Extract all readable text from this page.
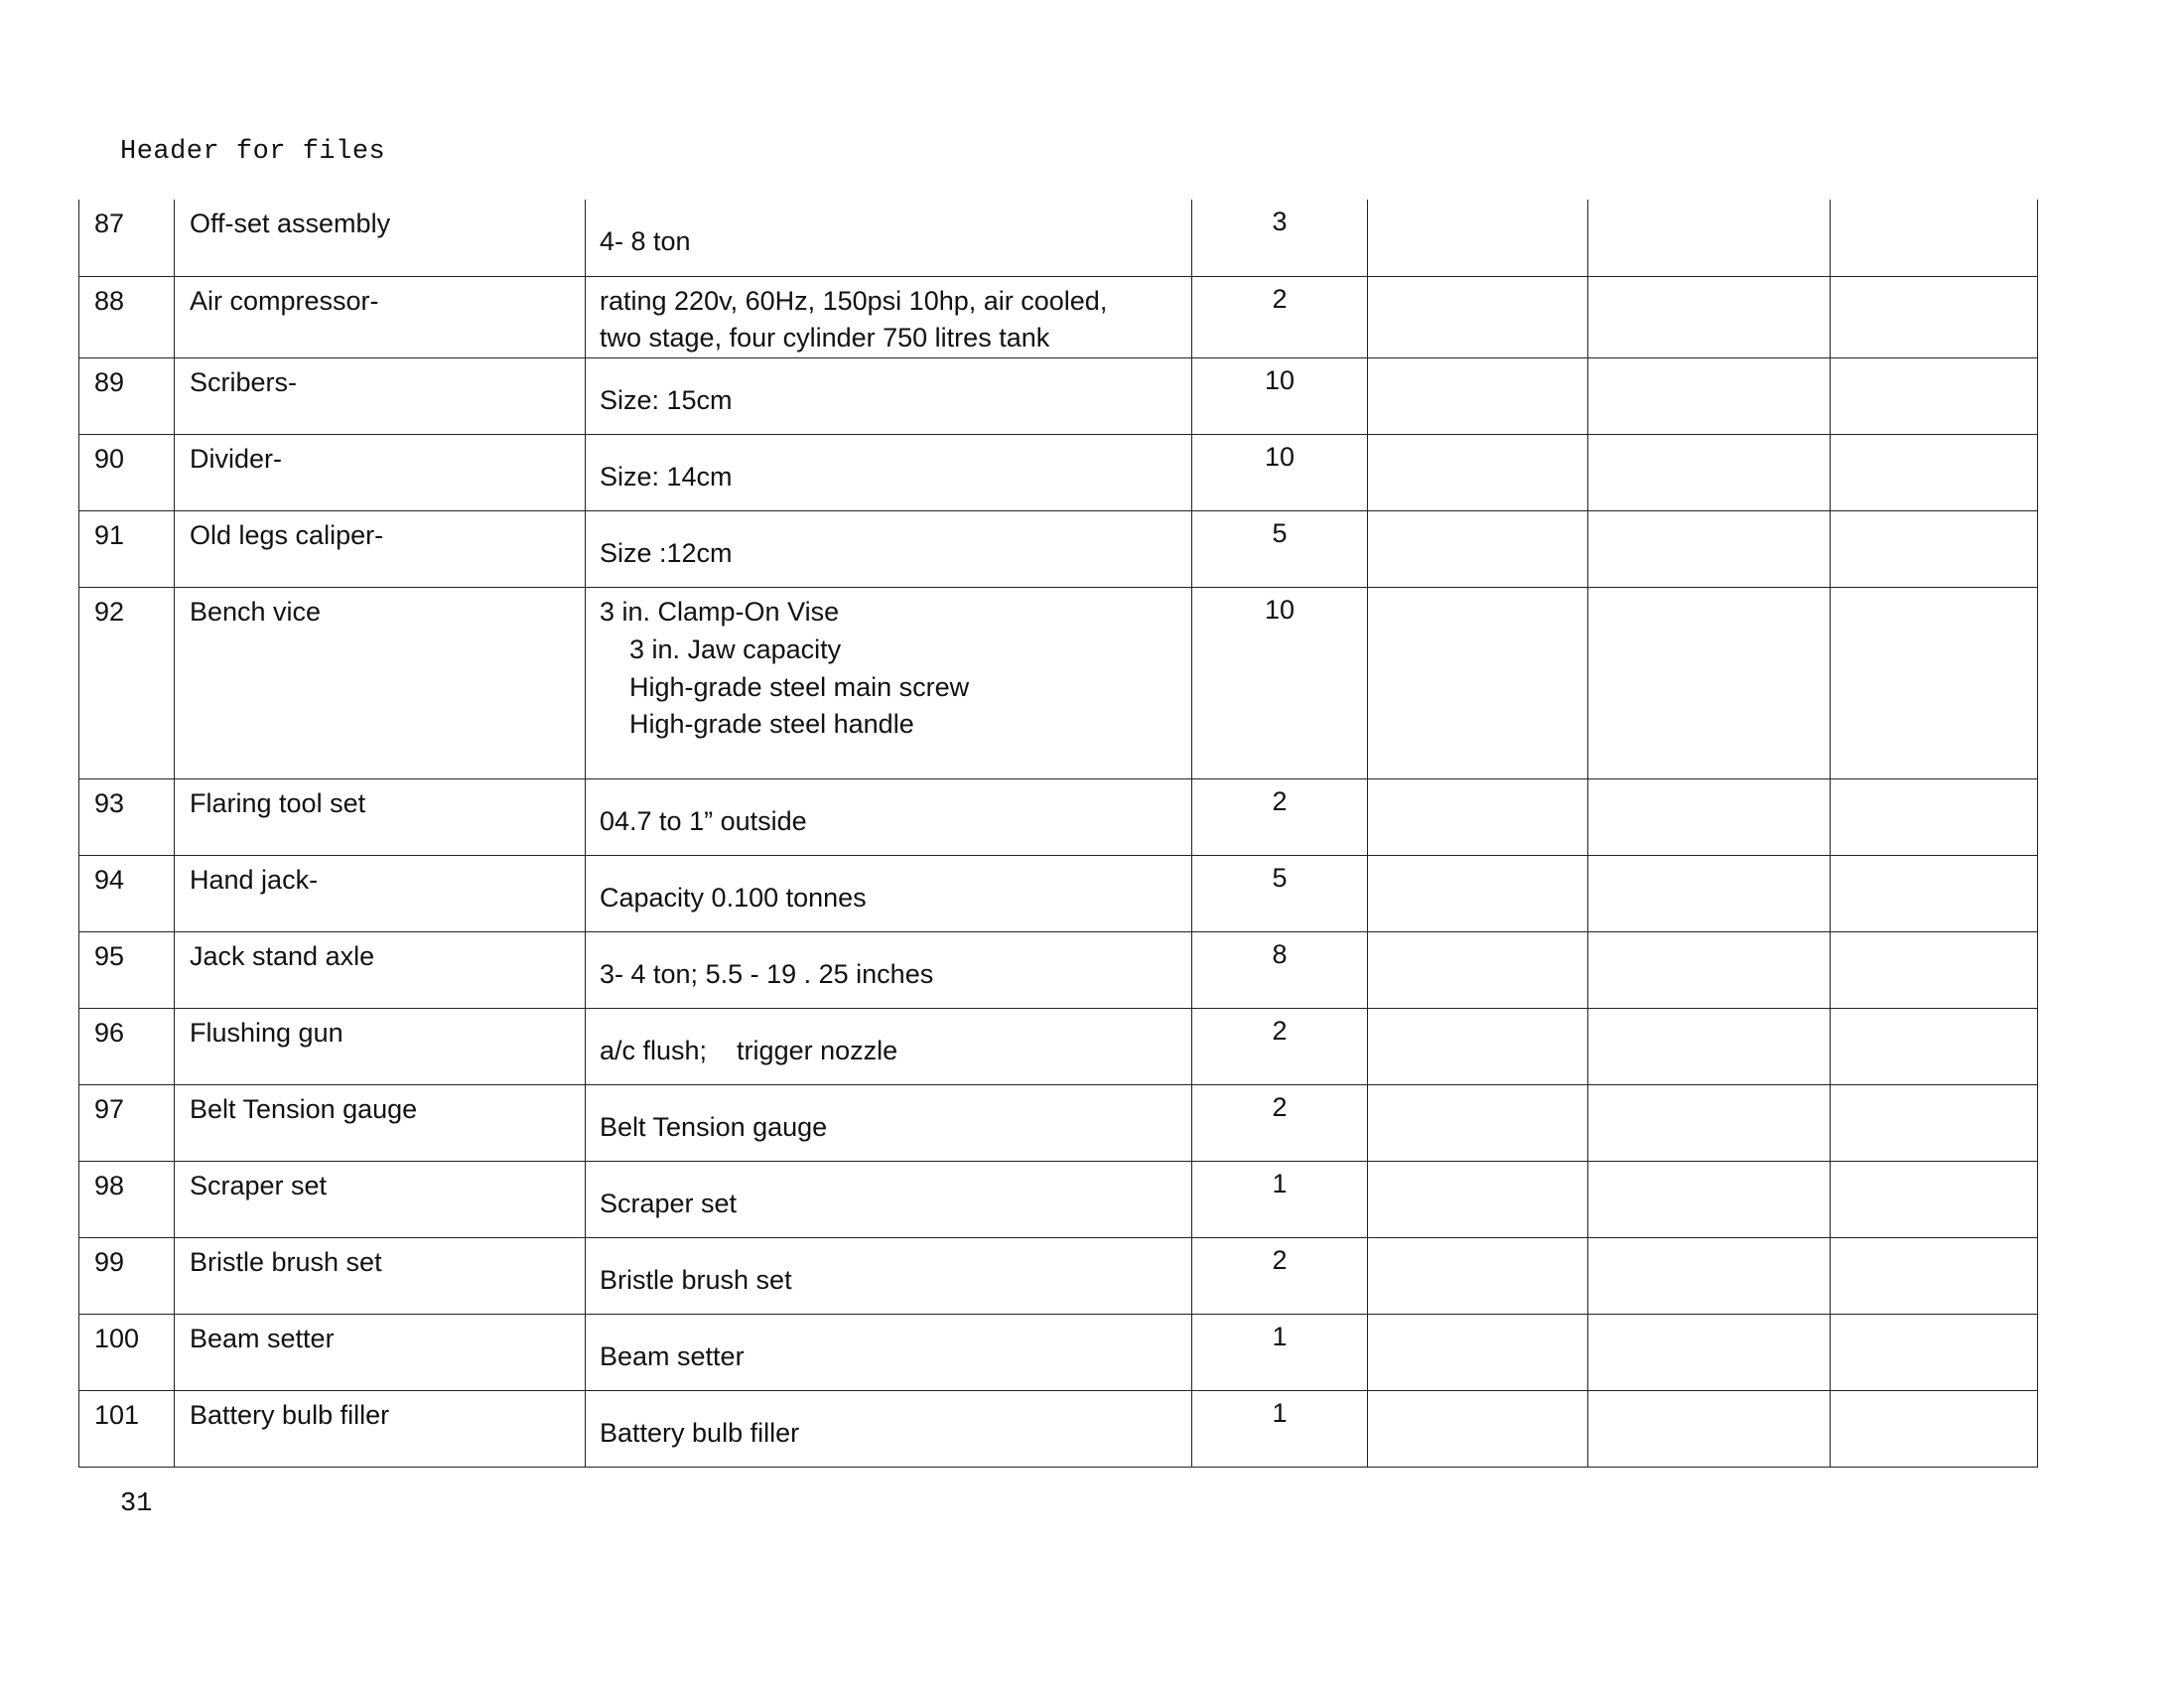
Header for files
87	Off-set assembly	4- 8 ton	3			

88	Air compressor-	rating 220v, 60Hz, 150psi 10hp, air cooled,
two stage, four cylinder 750 litres tank	2			

89	Scribers-	Size: 15cm	10			

90	Divider-	Size: 14cm	10			

91	Old legs caliper-	Size :12cm	5			

92	Bench vice	3 in. Clamp-On Vise
3 in. Jaw capacity
High-grade steel main screw
High-grade steel handle	10			

93	Flaring tool set	04.7 to 1” outside	2			

94	Hand jack-	Capacity 0.100 tonnes	5			

95	Jack stand axle	3- 4 ton; 5.5 - 19 . 25 inches	8			

96	Flushing gun	a/c flush;    trigger nozzle	2			

97	Belt Tension gauge	Belt Tension gauge	2			

98	Scraper set	Scraper set	1			

99	Bristle brush set	Bristle brush set	2			

100	Beam setter	Beam setter	1			

101	Battery bulb filler	Battery bulb filler	1			

31
